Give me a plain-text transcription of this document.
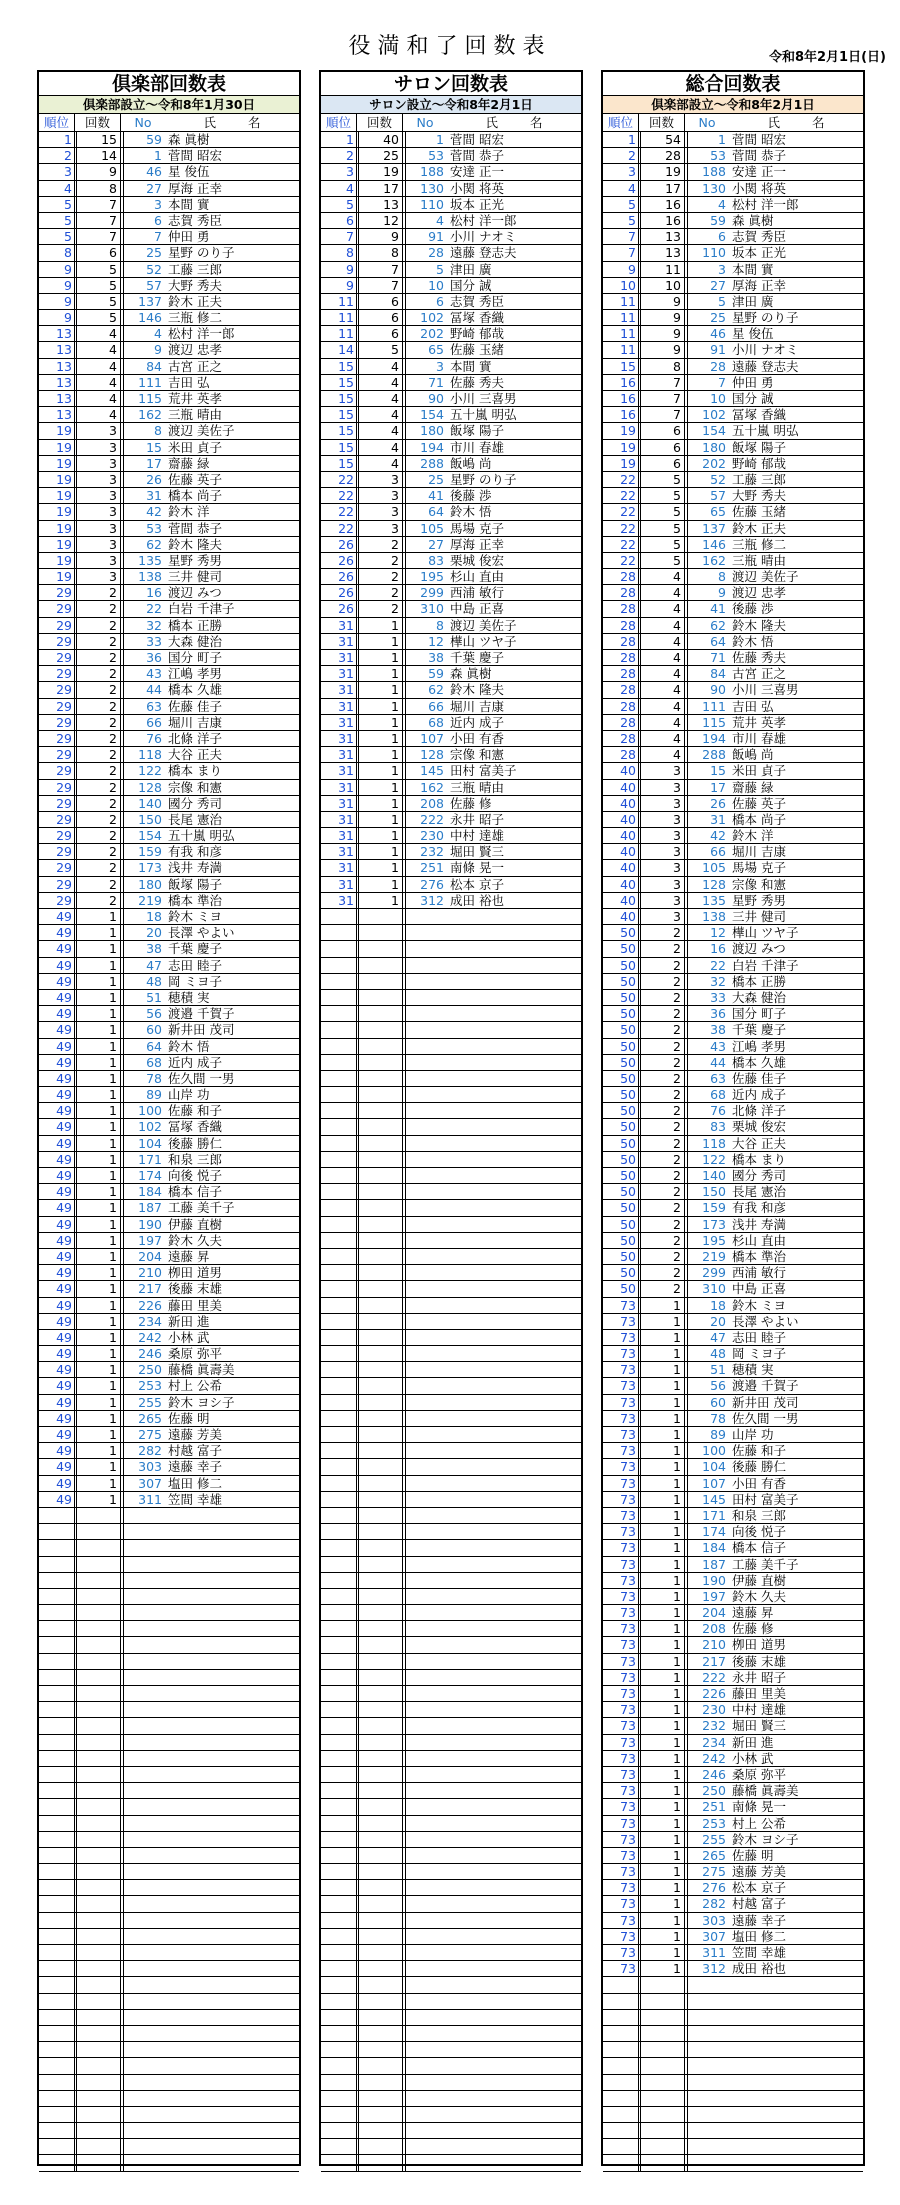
役満和了回数表	令和8年2月1日(日)
倶楽部回数表
倶楽部設立～令和8年1月30日
順位	回数	No	氏 名
1	15	59 森 眞樹
2	14	1 菅間 昭宏
3	9	46 星 俊伍
4	8	27 厚海 正幸
5	7	3 本間 實
5	7	6 志賀 秀臣
5	7	7 仲田 勇
8	6	25 星野 のり子
9	5	52 工藤 三郎
9	5	57 大野 秀夫
9	5	137 鈴木 正夫
9	5	146 三瓶 修二
13	4	4 松村 洋一郎
13	4	9 渡辺 忠孝
13	4	84 古宮 正之
13	4	111 吉田 弘
13	4	115 荒井 英孝
13	4	162 三瓶 晴由
19	3	8 渡辺 美佐子
19	3	15 米田 貞子
19	3	17 齋藤 緑
19	3	26 佐藤 英子
19	3	31 橋本 尚子
19	3	42 鈴木 洋
19	3	53 菅間 恭子
19	3	62 鈴木 隆夫
19	3	135 星野 秀男
19	3	138 三井 健司
29	2	16 渡辺 みつ
29	2	22 白岩 千津子
29	2	32 橋本 正勝
29	2	33 大森 健治
29	2	36 国分 町子
29	2	43 江嶋 孝男
29	2	44 橋本 久雄
29	2	63 佐藤 佳子
29	2	66 堀川 吉康
29	2	76 北條 洋子
29	2	118 大谷 正夫
29	2	122 橋本 まり
29	2	128 宗像 和憲
29	2	140 國分 秀司
29	2	150 長尾 憲治
29	2	154 五十嵐 明弘
29	2	159 有我 和彦
29	2	173 浅井 寿満
29	2	180 飯塚 陽子
29	2	219 橋本 準治
49	1	18 鈴木 ミヨ
49	1	20 長澤 やよい
49	1	38 千葉 慶子
49	1	47 志田 睦子
49	1	48 岡 ミヨ子
49	1	51 穂積 実
49	1	56 渡邉 千賀子
49	1	60 新井田 茂司
49	1	64 鈴木 悟
49	1	68 近内 成子
49	1	78 佐久間 一男
49	1	89 山岸 功
49	1	100 佐藤 和子
49	1	102 冨塚 香織
49	1	104 後藤 勝仁
49	1	171 和泉 三郎
49	1	174 向後 悦子
49	1	184 橋本 信子
49	1	187 工藤 美千子
49	1	190 伊藤 直樹
49	1	197 鈴木 久夫
49	1	204 遠藤 昇
49	1	210 栁田 道男
49	1	217 後藤 末雄
49	1	226 藤田 里美
49	1	234 新田 進
49	1	242 小林 武
49	1	246 桑原 弥平
49	1	250 藤橋 眞壽美
49	1	253 村上 公希
49	1	255 鈴木 ヨシ子
49	1	265 佐藤 明
49	1	275 遠藤 芳美
49	1	282 村越 富子
49	1	303 遠藤 幸子
49	1	307 塩田 修二
49	1	311 笠間 幸雄
サロン回数表
サロン設立～令和8年2月1日
順位	回数	No	氏 名
1	40	1 菅間 昭宏
2	25	53 菅間 恭子
3	19	188 安達 正一
4	17	130 小関 将英
5	13	110 坂本 正光
6	12	4 松村 洋一郎
7	9	91 小川 ナオミ
8	8	28 遠藤 登志夫
9	7	5 津田 廣
9	7	10 国分 誠
11	6	6 志賀 秀臣
11	6	102 冨塚 香織
11	6	202 野崎 郁哉
14	5	65 佐藤 玉緒
15	4	3 本間 實
15	4	71 佐藤 秀夫
15	4	90 小川 三喜男
15	4	154 五十嵐 明弘
15	4	180 飯塚 陽子
15	4	194 市川 春雄
15	4	288 飯嶋 尚
22	3	25 星野 のり子
22	3	41 後藤 渉
22	3	64 鈴木 悟
22	3	105 馬場 克子
26	2	27 厚海 正幸
26	2	83 栗城 俊宏
26	2	195 杉山 直由
26	2	299 西浦 敏行
26	2	310 中島 正喜
31	1	8 渡辺 美佐子
31	1	12 樺山 ツヤ子
31	1	38 千葉 慶子
31	1	59 森 眞樹
31	1	62 鈴木 隆夫
31	1	66 堀川 吉康
31	1	68 近内 成子
31	1	107 小田 有香
31	1	128 宗像 和憲
31	1	145 田村 富美子
31	1	162 三瓶 晴由
31	1	208 佐藤 修
31	1	222 永井 昭子
31	1	230 中村 達雄
31	1	232 堀田 賢三
31	1	251 南條 晃一
31	1	276 松本 京子
31	1	312 成田 裕也
総合回数表
倶楽部設立～令和8年2月1日
順位	回数	No	氏 名
1	54	1 菅間 昭宏
2	28	53 菅間 恭子
3	19	188 安達 正一
4	17	130 小関 将英
5	16	4 松村 洋一郎
5	16	59 森 眞樹
7	13	6 志賀 秀臣
7	13	110 坂本 正光
9	11	3 本間 實
10	10	27 厚海 正幸
11	9	5 津田 廣
11	9	25 星野 のり子
11	9	46 星 俊伍
11	9	91 小川 ナオミ
15	8	28 遠藤 登志夫
16	7	7 仲田 勇
16	7	10 国分 誠
16	7	102 冨塚 香織
19	6	154 五十嵐 明弘
19	6	180 飯塚 陽子
19	6	202 野崎 郁哉
22	5	52 工藤 三郎
22	5	57 大野 秀夫
22	5	65 佐藤 玉緒
22	5	137 鈴木 正夫
22	5	146 三瓶 修二
22	5	162 三瓶 晴由
28	4	8 渡辺 美佐子
28	4	9 渡辺 忠孝
28	4	41 後藤 渉
28	4	62 鈴木 隆夫
28	4	64 鈴木 悟
28	4	71 佐藤 秀夫
28	4	84 古宮 正之
28	4	90 小川 三喜男
28	4	111 吉田 弘
28	4	115 荒井 英孝
28	4	194 市川 春雄
28	4	288 飯嶋 尚
40	3	15 米田 貞子
40	3	17 齋藤 緑
40	3	26 佐藤 英子
40	3	31 橋本 尚子
40	3	42 鈴木 洋
40	3	66 堀川 吉康
40	3	105 馬場 克子
40	3	128 宗像 和憲
40	3	135 星野 秀男
40	3	138 三井 健司
50	2	12 樺山 ツヤ子
50	2	16 渡辺 みつ
50	2	22 白岩 千津子
50	2	32 橋本 正勝
50	2	33 大森 健治
50	2	36 国分 町子
50	2	38 千葉 慶子
50	2	43 江嶋 孝男
50	2	44 橋本 久雄
50	2	63 佐藤 佳子
50	2	68 近内 成子
50	2	76 北條 洋子
50	2	83 栗城 俊宏
50	2	118 大谷 正夫
50	2	122 橋本 まり
50	2	140 國分 秀司
50	2	150 長尾 憲治
50	2	159 有我 和彦
50	2	173 浅井 寿満
50	2	195 杉山 直由
50	2	219 橋本 準治
50	2	299 西浦 敏行
50	2	310 中島 正喜
73	1	18 鈴木 ミヨ
73	1	20 長澤 やよい
73	1	47 志田 睦子
73	1	48 岡 ミヨ子
73	1	51 穂積 実
73	1	56 渡邉 千賀子
73	1	60 新井田 茂司
73	1	78 佐久間 一男
73	1	89 山岸 功
73	1	100 佐藤 和子
73	1	104 後藤 勝仁
73	1	107 小田 有香
73	1	145 田村 富美子
73	1	171 和泉 三郎
73	1	174 向後 悦子
73	1	184 橋本 信子
73	1	187 工藤 美千子
73	1	190 伊藤 直樹
73	1	197 鈴木 久夫
73	1	204 遠藤 昇
73	1	208 佐藤 修
73	1	210 栁田 道男
73	1	217 後藤 末雄
73	1	222 永井 昭子
73	1	226 藤田 里美
73	1	230 中村 達雄
73	1	232 堀田 賢三
73	1	234 新田 進
73	1	242 小林 武
73	1	246 桑原 弥平
73	1	250 藤橋 眞壽美
73	1	251 南條 晃一
73	1	253 村上 公希
73	1	255 鈴木 ヨシ子
73	1	265 佐藤 明
73	1	275 遠藤 芳美
73	1	276 松本 京子
73	1	282 村越 富子
73	1	303 遠藤 幸子
73	1	307 塩田 修二
73	1	311 笠間 幸雄
73	1	312 成田 裕也
